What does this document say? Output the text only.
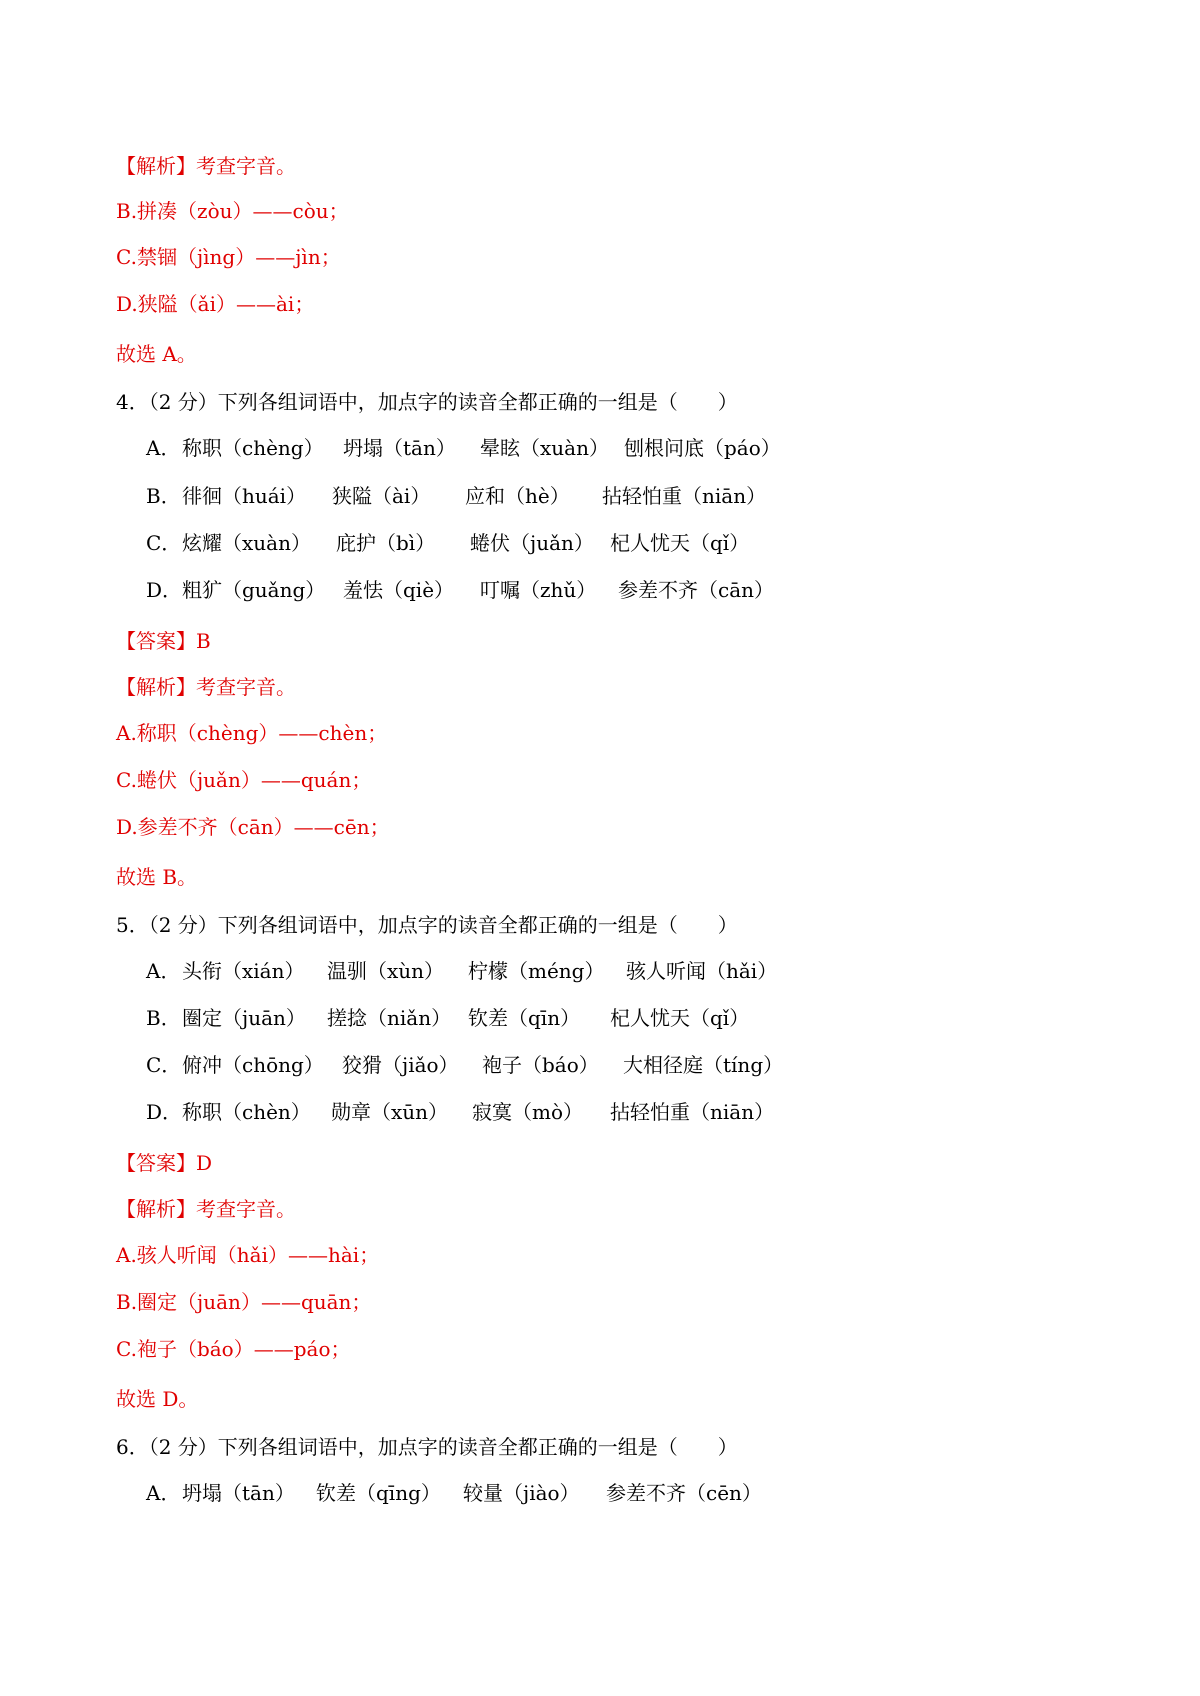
【解析】考查字音。
B.拼凑（zòu）——còu；
C.禁锢（jìng）——jìn；
D.狭隘（ǎi）——ài；
故选 A。
4．（2 分）下列各组词语中，加点字的读音全都正确的一组是（　　）
A． 称职（chèng） 坍塌（tān） 晕眩（xuàn） 刨根问底（páo）
B． 徘徊（huái） 狭隘（ài） 应和（hè） 拈轻怕重（niān）
C． 炫耀（xuàn） 庇护（bì） 蜷伏（juǎn） 杞人忧天（qǐ）
D． 粗犷（guǎng） 羞怯（qiè） 叮嘱（zhǔ） 参差不齐（cān）
【答案】B
【解析】考查字音。
A.称职（chèng）——chèn；
C.蜷伏（juǎn）——quán；
D.参差不齐（cān）——cēn；
故选 B。
5．（2 分）下列各组词语中，加点字的读音全都正确的一组是（　　）
A． 头衔（xián） 温驯（xùn） 柠檬（méng） 骇人听闻（hǎi）
B． 圈定（juān） 搓捻（niǎn） 钦差（qīn） 杞人忧天（qǐ）
C． 俯冲（chōng） 狡猾（jiǎo） 袍子（báo） 大相径庭（tíng）
D． 称职（chèn） 勋章（xūn） 寂寞（mò） 拈轻怕重（niān）
【答案】D
【解析】考查字音。
A.骇人听闻（hǎi）——hài；
B.圈定（juān）——quān；
C.袍子（báo）——páo；
故选 D。
6．（2 分）下列各组词语中，加点字的读音全都正确的一组是（　　）
A． 坍塌（tān） 钦差（qīng） 较量（jiào） 参差不齐（cēn）
